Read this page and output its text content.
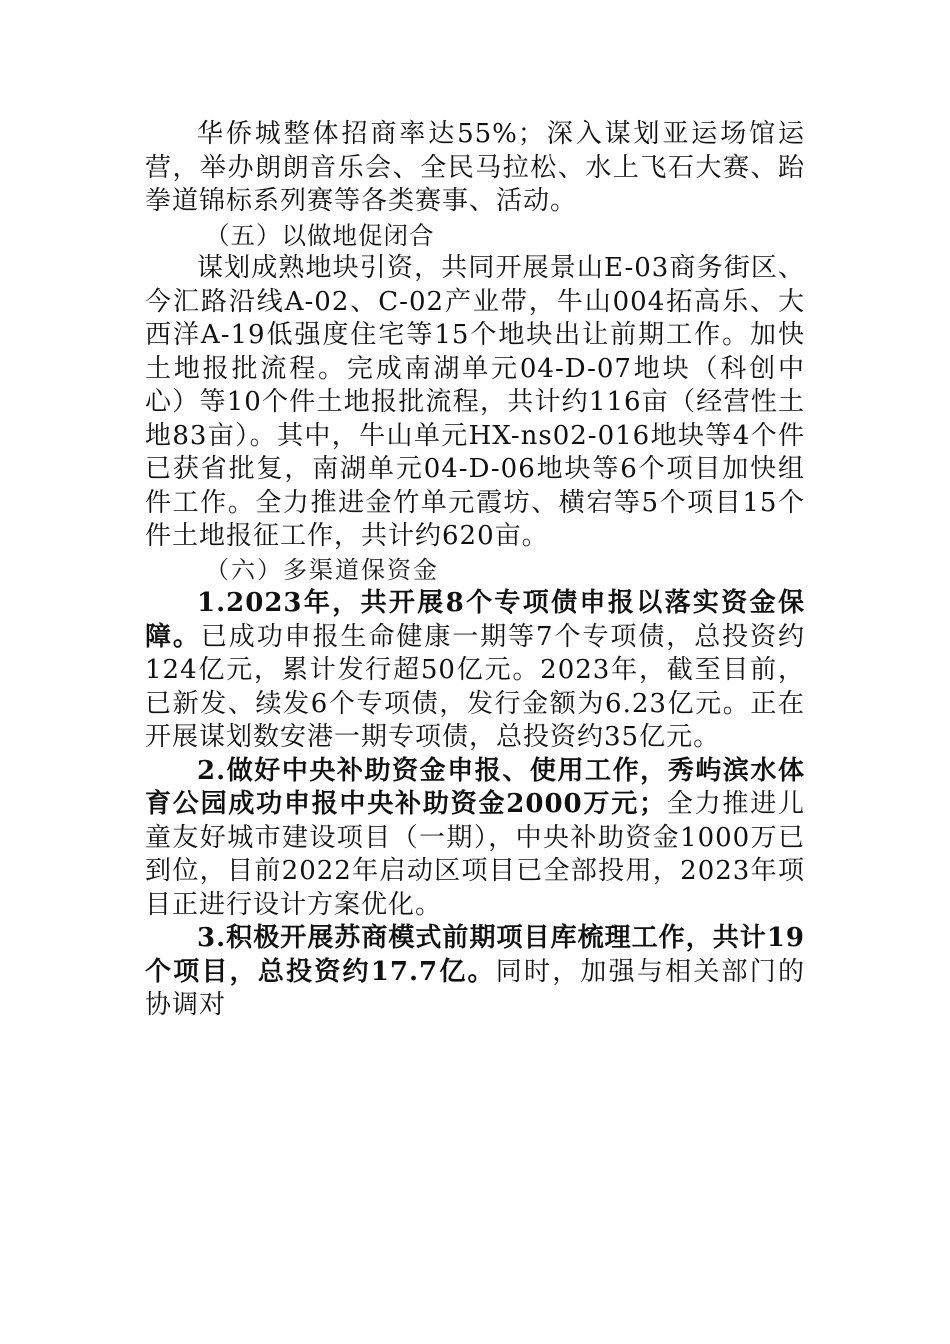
华侨城整体招商率达55%；深入谋划亚运场馆运营，举办朗朗音乐会、全民马拉松、水上飞石大赛、跆拳道锦标系列赛等各类赛事、活动。

（五）以做地促闭合

谋划成熟地块引资，共同开展景山E-03商务街区、今汇路沿线A-02、C-02产业带，牛山004拓高乐、大西洋A-19低强度住宅等15个地块出让前期工作。加快土地报批流程。完成南湖单元04-D-07地块（科创中心）等10个件土地报批流程，共计约116亩（经营性土地83亩）。其中，牛山单元HX-ns02-016地块等4个件已获省批复，南湖单元04-D-06地块等6个项目加快组件工作。全力推进金竹单元霞坊、横宕等5个项目15个件土地报征工作，共计约620亩。

（六）多渠道保资金

1.2023年，共开展8个专项债申报以落实资金保障。已成功申报生命健康一期等7个专项债，总投资约124亿元，累计发行超50亿元。2023年，截至目前，已新发、续发6个专项债，发行金额为6.23亿元。正在开展谋划数安港一期专项债，总投资约35亿元。

2.做好中央补助资金申报、使用工作，秀屿滨水体育公园成功申报中央补助资金2000万元；全力推进儿童友好城市建设项目（一期），中央补助资金1000万已到位，目前2022年启动区项目已全部投用，2023年项目正进行设计方案优化。

3.积极开展苏商模式前期项目库梳理工作，共计19个项目，总投资约17.7亿。同时，加强与相关部门的协调对
